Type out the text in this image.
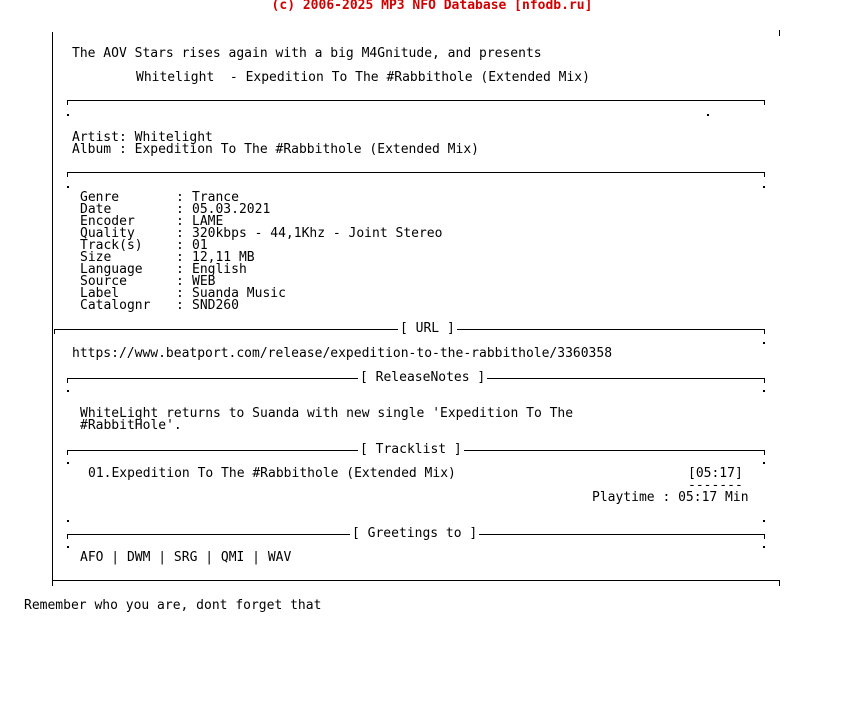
(c) 2006-2025 MP3 NFO Database [nfodb.ru]
The AOV Stars rises again with a big M4Gnitude, and presents
Whitelight  - Expedition To The #Rabbithole (Extended Mix)
Artist: Whitelight
Album : Expedition To The #Rabbithole (Extended Mix)
Genre	: Trance
Date	: 05.03.2021
Encoder	: LAME
Quality	: 320kbps - 44,1Khz - Joint Stereo
Track(s)	: 01
Size	: 12,11 MB
Language	: English
Source	: WEB
Label	: Suanda Music
Catalognr : SND260
[ URL ]
https://www.beatport.com/release/expedition-to-the-rabbithole/3360358
[ ReleaseNotes ]
WhiteLight returns to Suanda with new single 'Expedition To The
#RabbitHole'.
[ Tracklist ]
01.Expedition To The #Rabbithole (Extended Mix)	[05:17]
-------
Playtime : 05:17 Min
[ Greetings to ]
AFO | DWM | SRG | QMI | WAV
Remember who you are, dont forget that
